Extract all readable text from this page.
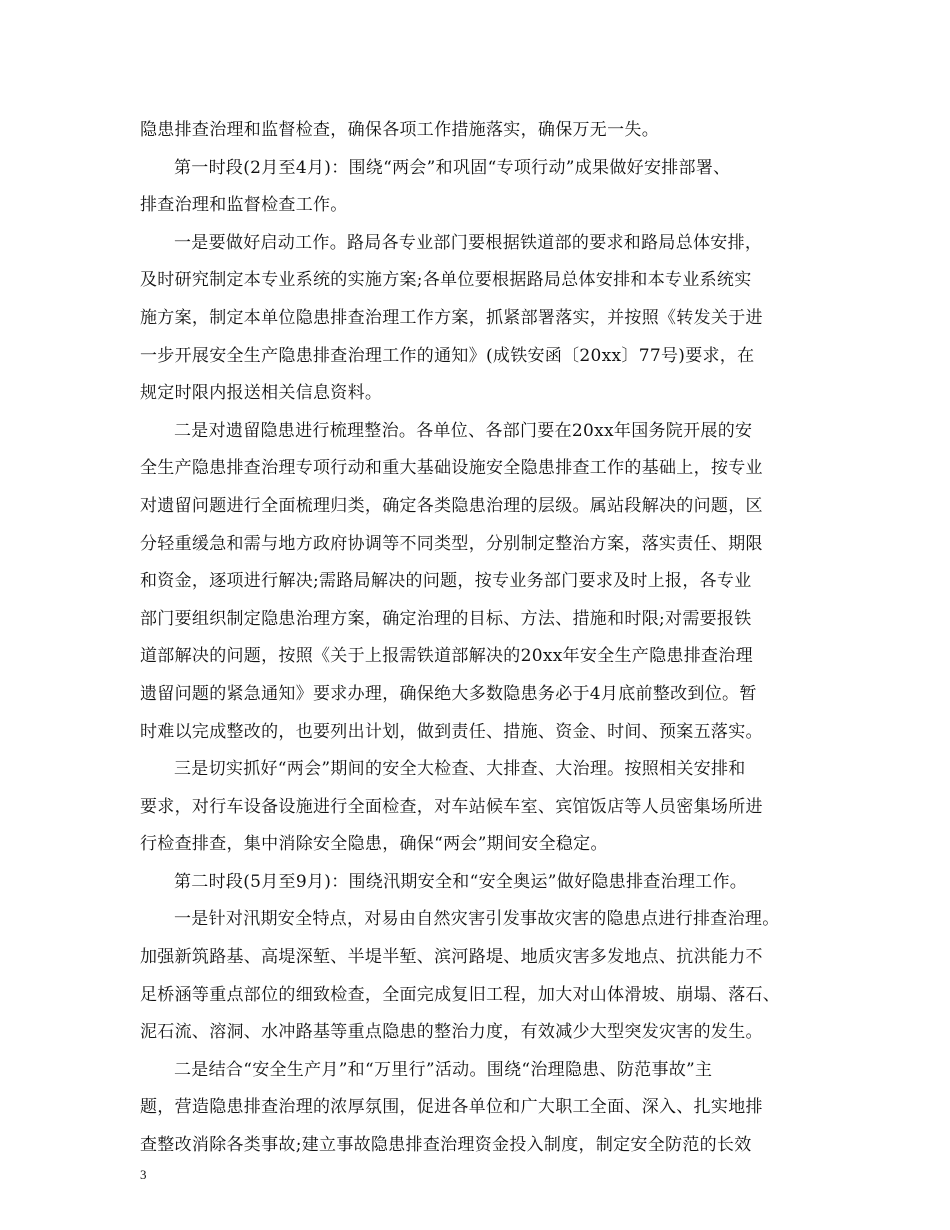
隐患排查治理和监督检查，确保各项工作措施落实，确保万无一失。
第一时段(2月至4月)：围绕“两会”和巩固“专项行动”成果做好安排部署、
排查治理和监督检查工作。
一是要做好启动工作。路局各专业部门要根据铁道部的要求和路局总体安排，
及时研究制定本专业系统的实施方案;各单位要根据路局总体安排和本专业系统实
施方案，制定本单位隐患排查治理工作方案，抓紧部署落实，并按照《转发关于进
一步开展安全生产隐患排查治理工作的通知》(成铁安函〔20xx〕77号)要求，在
规定时限内报送相关信息资料。
二是对遗留隐患进行梳理整治。各单位、各部门要在20xx年国务院开展的安
全生产隐患排查治理专项行动和重大基础设施安全隐患排查工作的基础上，按专业
对遗留问题进行全面梳理归类，确定各类隐患治理的层级。属站段解决的问题，区
分轻重缓急和需与地方政府协调等不同类型，分别制定整治方案，落实责任、期限
和资金，逐项进行解决;需路局解决的问题，按专业务部门要求及时上报，各专业
部门要组织制定隐患治理方案，确定治理的目标、方法、措施和时限;对需要报铁
道部解决的问题，按照《关于上报需铁道部解决的20xx年安全生产隐患排查治理
遗留问题的紧急通知》要求办理，确保绝大多数隐患务必于4月底前整改到位。暂
时难以完成整改的，也要列出计划，做到责任、措施、资金、时间、预案五落实。
三是切实抓好“两会”期间的安全大检查、大排查、大治理。按照相关安排和
要求，对行车设备设施进行全面检查，对车站候车室、宾馆饭店等人员密集场所进
行检查排查，集中消除安全隐患，确保“两会”期间安全稳定。
第二时段(5月至9月)：围绕汛期安全和“安全奥运”做好隐患排查治理工作。
一是针对汛期安全特点，对易由自然灾害引发事故灾害的隐患点进行排查治理。
加强新筑路基、高堤深堑、半堤半堑、滨河路堤、地质灾害多发地点、抗洪能力不
足桥涵等重点部位的细致检查，全面完成复旧工程，加大对山体滑坡、崩塌、落石、
泥石流、溶洞、水冲路基等重点隐患的整治力度，有效减少大型突发灾害的发生。
二是结合“安全生产月”和“万里行”活动。围绕“治理隐患、防范事故”主
题，营造隐患排查治理的浓厚氛围，促进各单位和广大职工全面、深入、扎实地排
查整改消除各类事故;建立事故隐患排查治理资金投入制度，制定安全防范的长效
3
